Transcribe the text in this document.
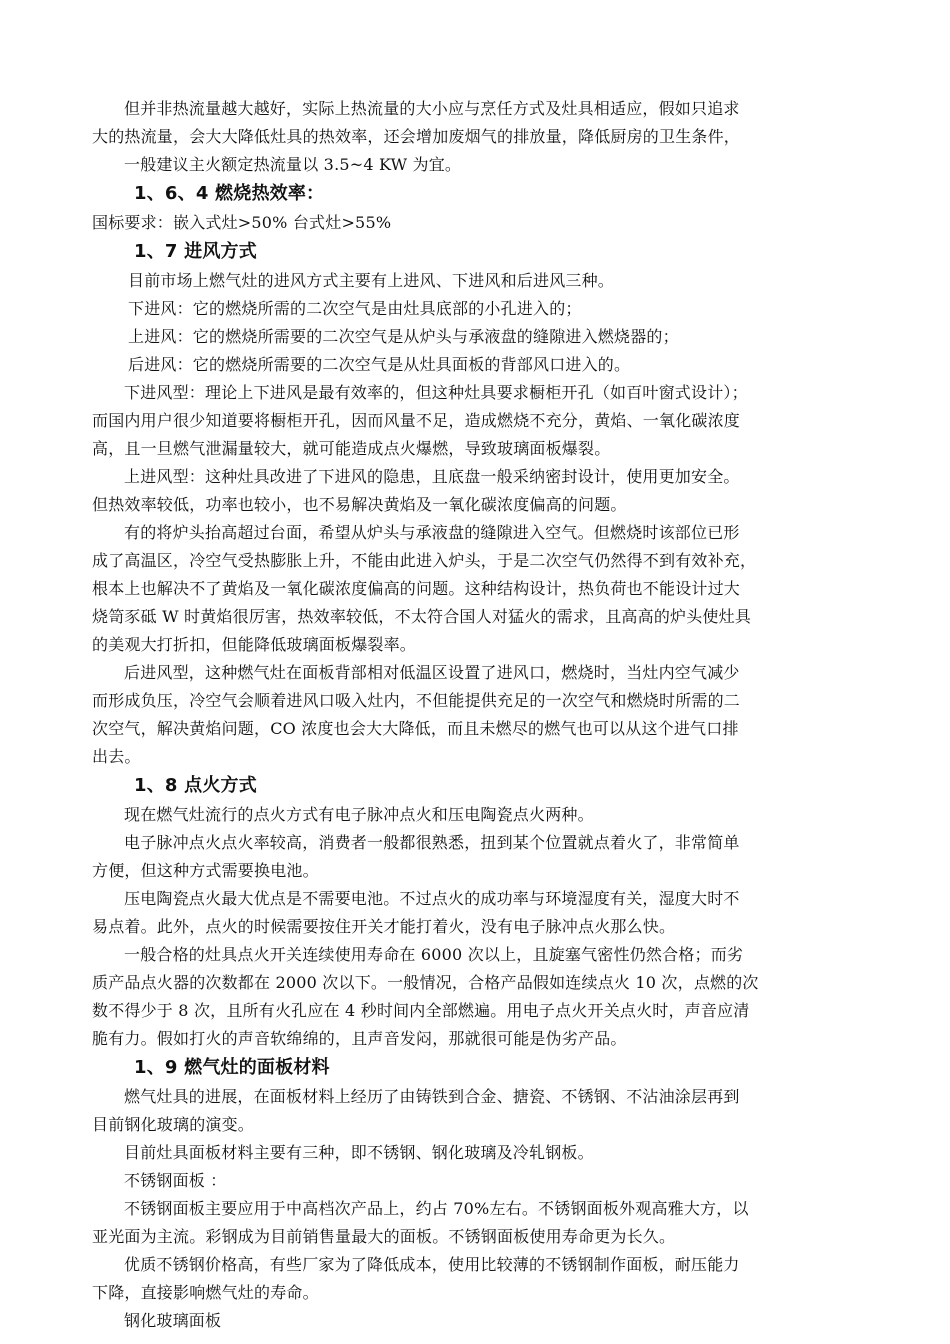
但并非热流量越大越好，实际上热流量的大小应与烹任方式及灶具相适应，假如只追求
大的热流量，会大大降低灶具的热效率，还会增加废烟气的排放量，降低厨房的卫生条件，
一般建议主火额定热流量以 3.5~4 KW 为宜。
1、6、4 燃烧热效率：
国标要求：嵌入式灶>50% 台式灶>55%
1、7 进风方式
目前市场上燃气灶的进风方式主要有上进风、下进风和后进风三种。
下进风：它的燃烧所需的二次空气是由灶具底部的小孔进入的；
上进风：它的燃烧所需要的二次空气是从炉头与承液盘的缝隙进入燃烧器的；
后进风：它的燃烧所需要的二次空气是从灶具面板的背部风口进入的。
下进风型：理论上下进风是最有效率的，但这种灶具要求橱柜开孔（如百叶窗式设计）；
而国内用户很少知道要将橱柜开孔，因而风量不足，造成燃烧不充分，黄焰、一氧化碳浓度
高，且一旦燃气泄漏量较大，就可能造成点火爆燃，导致玻璃面板爆裂。
上进风型：这种灶具改进了下进风的隐患，且底盘一般采纳密封设计，使用更加安全。
但热效率较低，功率也较小，也不易解决黄焰及一氧化碳浓度偏高的问题。
有的将炉头抬高超过台面，希望从炉头与承液盘的缝隙进入空气。但燃烧时该部位已形
成了高温区，冷空气受热膨胀上升，不能由此进入炉头，于是二次空气仍然得不到有效补充，
根本上也解决不了黄焰及一氧化碳浓度偏高的问题。这种结构设计，热负荷也不能设计过大
烧笥豕砥 W 时黄焰很厉害，热效率较低，不太符合国人对猛火的需求，且高高的炉头使灶具
的美观大打折扣，但能降低玻璃面板爆裂率。
后进风型，这种燃气灶在面板背部相对低温区设置了进风口，燃烧时，当灶内空气减少
而形成负压，冷空气会顺着进风口吸入灶内，不但能提供充足的一次空气和燃烧时所需的二
次空气，解决黄焰问题，CO 浓度也会大大降低，而且未燃尽的燃气也可以从这个进气口排
出去。
1、8 点火方式
现在燃气灶流行的点火方式有电子脉冲点火和压电陶瓷点火两种。
电子脉冲点火点火率较高，消费者一般都很熟悉，扭到某个位置就点着火了，非常简单
方便，但这种方式需要换电池。
压电陶瓷点火最大优点是不需要电池。不过点火的成功率与环境湿度有关，湿度大时不
易点着。此外，点火的时候需要按住开关才能打着火，没有电子脉冲点火那么快。
一般合格的灶具点火开关连续使用寿命在 6000 次以上，且旋塞气密性仍然合格；而劣
质产品点火器的次数都在 2000 次以下。一般情况，合格产品假如连续点火 10 次，点燃的次
数不得少于 8 次，且所有火孔应在 4 秒时间内全部燃遍。用电子点火开关点火时，声音应清
脆有力。假如打火的声音软绵绵的，且声音发闷，那就很可能是伪劣产品。
1、9 燃气灶的面板材料
燃气灶具的进展，在面板材料上经历了由铸铁到合金、搪瓷、不锈钢、不沾油涂层再到
目前钢化玻璃的演变。
目前灶具面板材料主要有三种，即不锈钢、钢化玻璃及冷轧钢板。
不锈钢面板 ：
不锈钢面板主要应用于中高档次产品上，约占 70%左右。不锈钢面板外观高雅大方，以
亚光面为主流。彩钢成为目前销售量最大的面板。不锈钢面板使用寿命更为长久。
优质不锈钢价格高，有些厂家为了降低成本，使用比较薄的不锈钢制作面板，耐压能力
下降，直接影响燃气灶的寿命。
钢化玻璃面板
